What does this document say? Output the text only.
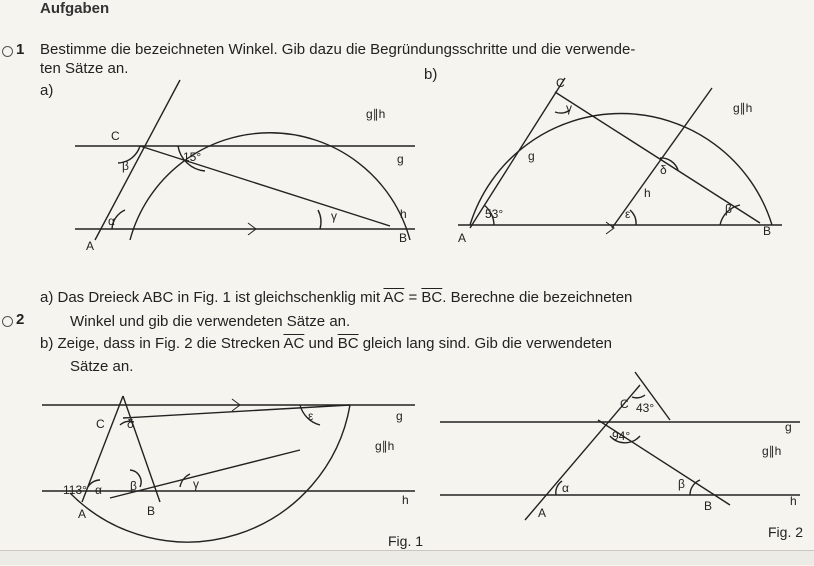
Aufgaben
1 Bestimme die bezeichneten Winkel. Gib dazu die Begründungsschritte und die verwende-
ten Sätze an.
a)
b)
2
a) Das Dreieck ABC in Fig. 1 ist gleichschenklig mit $\overline{AC} = \overline{BC}$. Berechne die bezeichneten
Winkel und gib die verwendeten Sätze an.
b) Zeige, dass in Fig. 2 die Strecken $\overline{AC}$ und $\overline{BC}$ gleich lang sind. Gib die verwendeten
Sätze an.
C
β
15°
α	γ
A
B
g∥h
g
h
C
γ	g∥h
g
δ
h
53°	ε	β
A	B
C δ
ε	g
g∥h
113° α β	γ
A	B
h
C 43°
g
94°
g∥h
α	β
A	B	h
Fig. 1
Fig. 2
